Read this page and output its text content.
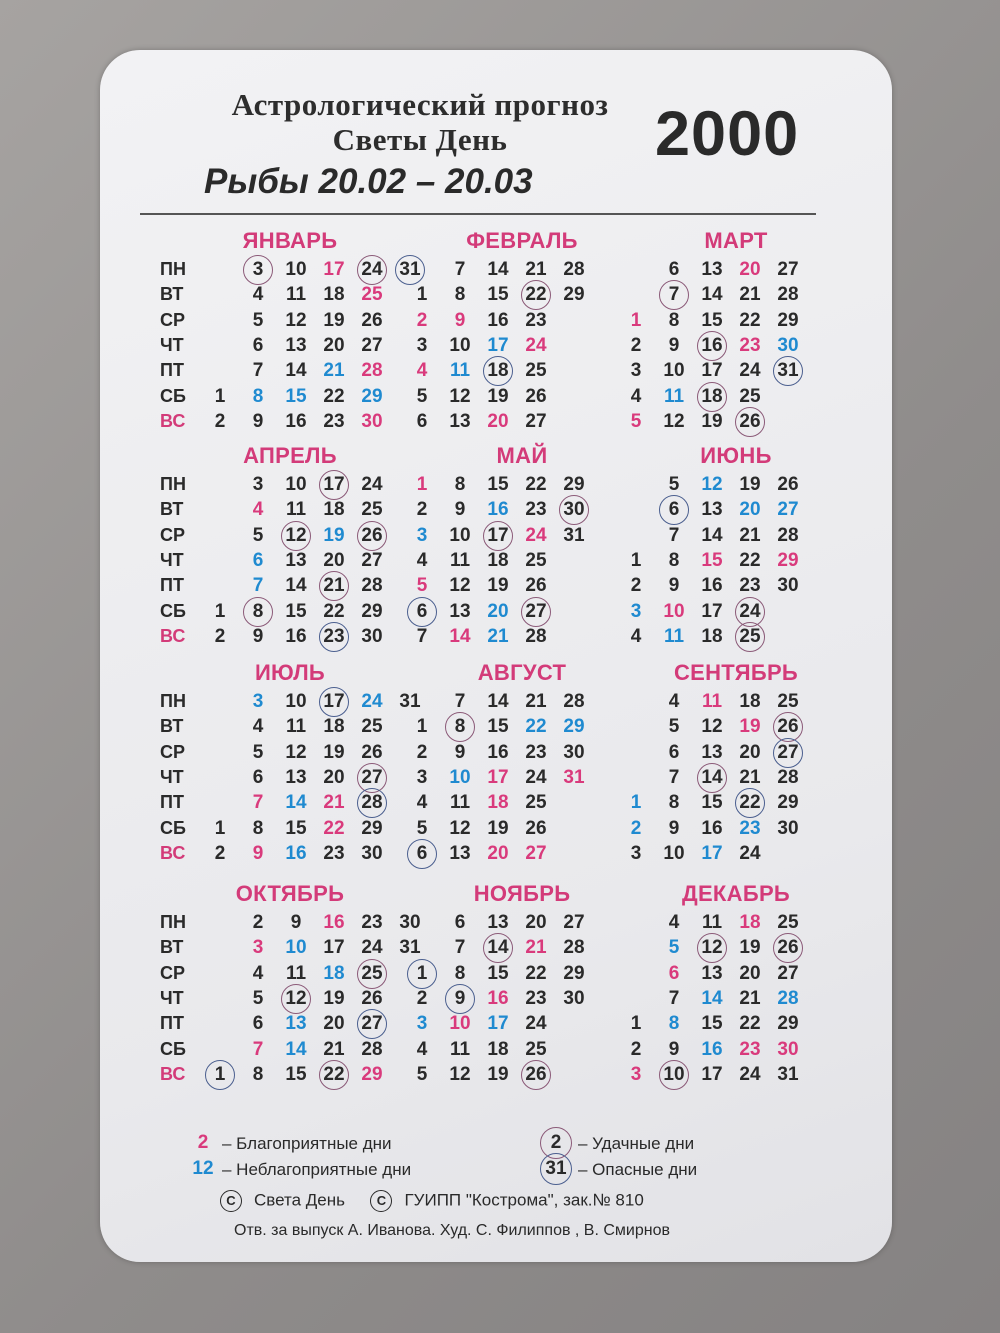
Астрологический прогноз
Светы День	2000
Рыбы 20.02 – 20.03
ЯНВАРЬ
ПН
ВТ
СР
ЧТ
ПТ
СБ
ВС
1
2
3
4
5
6
7
8
9
10
11
12
13
14
15
16
17
18
19
20
21
22
23
24
25
26
27
28
29
30
31
ФЕВРАЛЬ
1
2
3
4
5
6
7
8
9
10
11
12
13
14
15
16
17
18
19
20
21
22
23
24
25
26
27
28
29
МАРТ
1
2
3
4
5
6
7
8
9
10
11
12
13
14
15
16
17
18
19
20
21
22
23
24
25
26
27
28
29
30
31
АПРЕЛЬ
ПН
ВТ
СР
ЧТ
ПТ
СБ
ВС
1
2
3
4
5
6
7
8
9
10
11
12
13
14
15
16
17
18
19
20
21
22
23
24
25
26
27
28
29
30
МАЙ
1
2
3
4
5
6
7
8
9
10
11
12
13
14
15
16
17
18
19
20
21
22
23
24
25
26
27
28
29
30
31
ИЮНЬ
1
2
3
4
5
6
7
8
9
10
11
12
13
14
15
16
17
18
19
20
21
22
23
24
25
26
27
28
29
30
ИЮЛЬ
ПН
ВТ
СР
ЧТ
ПТ
СБ
ВС
1
2
3
4
5
6
7
8
9
10
11
12
13
14
15
16
17
18
19
20
21
22
23
24
25
26
27
28
29
30
31
АВГУСТ
1
2
3
4
5
6
7
8
9
10
11
12
13
14
15
16
17
18
19
20
21
22
23
24
25
26
27
28
29
30
31
СЕНТЯБРЬ
1
2
3
4
5
6
7
8
9
10
11
12
13
14
15
16
17
18
19
20
21
22
23
24
25
26
27
28
29
30
ОКТЯБРЬ
ПН
ВТ
СР
ЧТ
ПТ
СБ
ВС	1
2
3
4
5
6
7
8
9
10
11
12
13
14
15
16
17
18
19
20
21
22
23
24
25
26
27
28
29
30
31
НОЯБРЬ
1
2
3
4
5
6
7
8
9
10
11
12
13
14
15
16
17
18
19
20
21
22
23
24
25
26
27
28
29
30
ДЕКАБРЬ
1
2
3
4
5
6
7
8
9
10
11
12
13
14
15
16
17
18
19
20
21
22
23
24
25
26
27
28
29
30
31
2 – Благоприятные дни
12 – Неблагоприятные дни
2 – Удачные дни
31 – Опасные дни
C Света День C ГУИПП "Кострома", зак.№ 810
Отв. за выпуск А. Иванова. Худ. С. Филиппов , В. Смирнов
